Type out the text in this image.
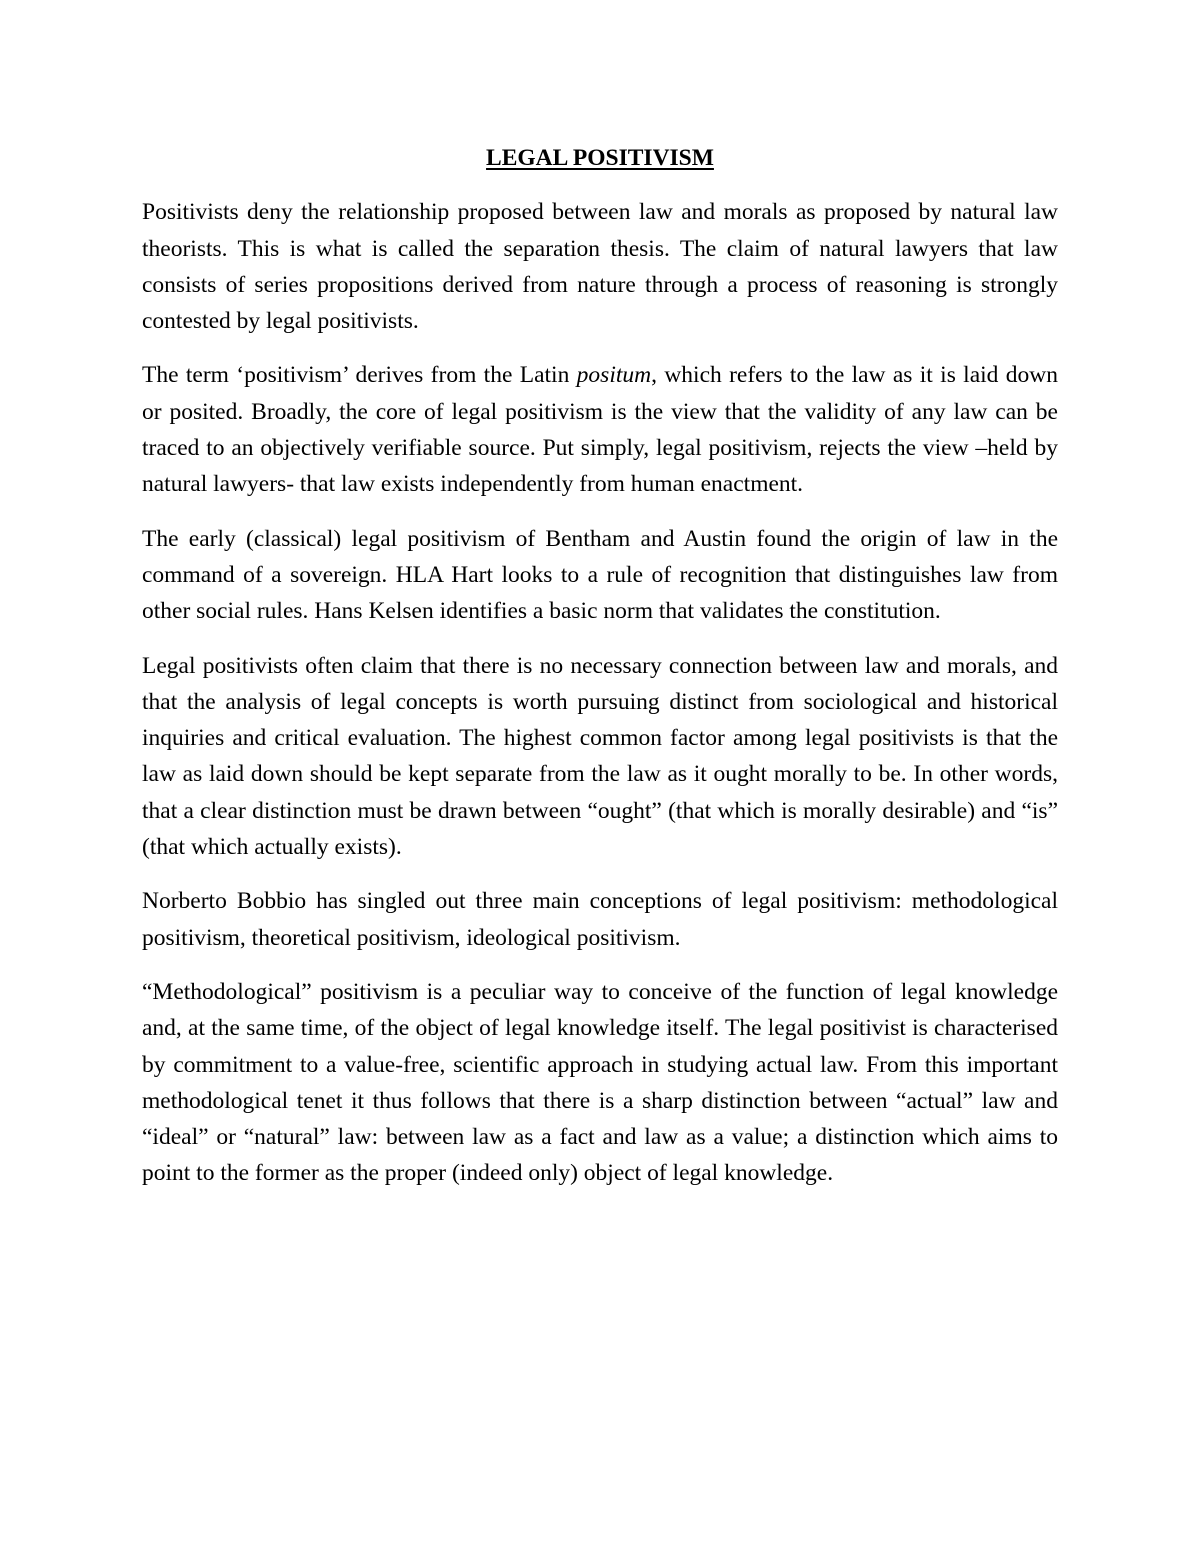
LEGAL POSITIVISM

Positivists deny the relationship proposed between law and morals as proposed by natural law theorists. This is what is called the separation thesis. The claim of natural lawyers that law consists of series propositions derived from nature through a process of reasoning is strongly contested by legal positivists.

The term ‘positivism’ derives from the Latin positum, which refers to the law as it is laid down or posited. Broadly, the core of legal positivism is the view that the validity of any law can be traced to an objectively verifiable source. Put simply, legal positivism, rejects the view –held by natural lawyers- that law exists independently from human enactment.

The early (classical) legal positivism of Bentham and Austin found the origin of law in the command of a sovereign. HLA Hart looks to a rule of recognition that distinguishes law from other social rules. Hans Kelsen identifies a basic norm that validates the constitution.

Legal positivists often claim that there is no necessary connection between law and morals, and that the analysis of legal concepts is worth pursuing distinct from sociological and historical inquiries and critical evaluation. The highest common factor among legal positivists is that the law as laid down should be kept separate from the law as it ought morally to be. In other words, that a clear distinction must be drawn between “ought” (that which is morally desirable) and “is” (that which actually exists).

Norberto Bobbio has singled out three main conceptions of legal positivism: methodological positivism, theoretical positivism, ideological positivism.

“Methodological” positivism is a peculiar way to conceive of the function of legal knowledge and, at the same time, of the object of legal knowledge itself. The legal positivist is characterised by commitment to a value-free, scientific approach in studying actual law. From this important methodological tenet it thus follows that there is a sharp distinction between “actual” law and “ideal” or “natural” law: between law as a fact and law as a value; a distinction which aims to point to the former as the proper (indeed only) object of legal knowledge.
